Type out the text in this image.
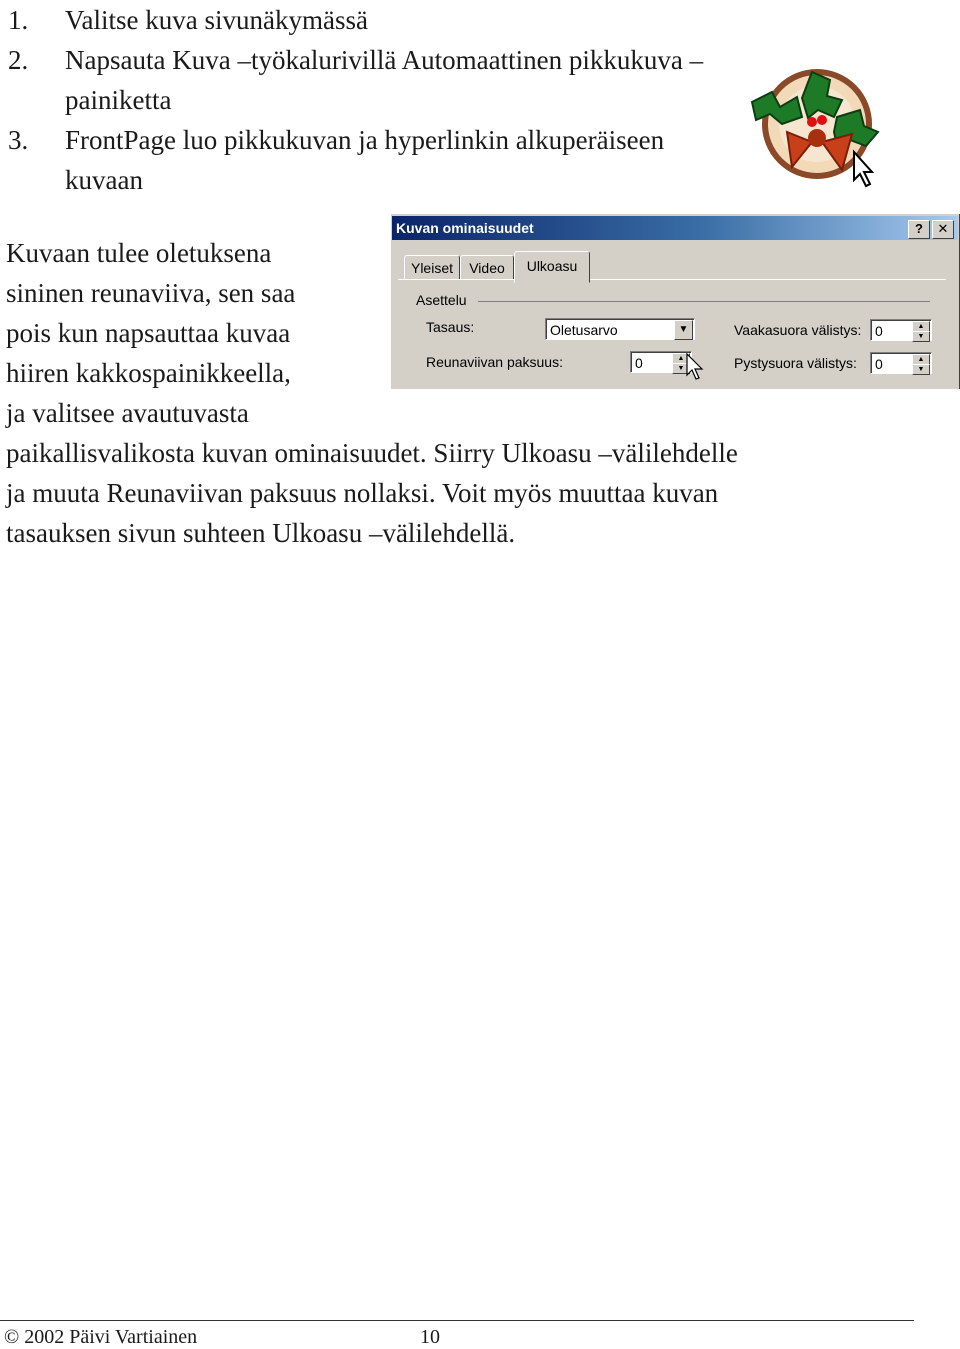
1. Valitse kuva sivunäkymässä
2. Napsauta Kuva –työkalurivillä Automaattinen pikkukuva –painiketta
3. FrontPage luo pikkukuvan ja hyperlinkin alkuperäiseen kuvaan
Kuvaan tulee oletuksena
sininen reunaviiva, sen saa
pois kun napsauttaa kuvaa
hiiren kakkospainikkeella,
ja valitsee avautuvasta
paikallisvalikosta kuvan ominaisuudet. Siirry Ulkoasu –välilehdelle
ja muuta Reunaviivan paksuus nollaksi. Voit myös muuttaa kuvan
tasauksen sivun suhteen Ulkoasu –välilehdellä.
Kuvan ominaisuudet	?	✕
Yleiset	Video	Ulkoasu
Asettelu
Tasaus:	Oletusarvo	▼
Reunaviivan paksuus:	0	▲
▼
Vaakasuora välistys: 0	▲
▼
Pystysuora välistys:	0	▲
▼
© 2002 Päivi Vartiainen	10
